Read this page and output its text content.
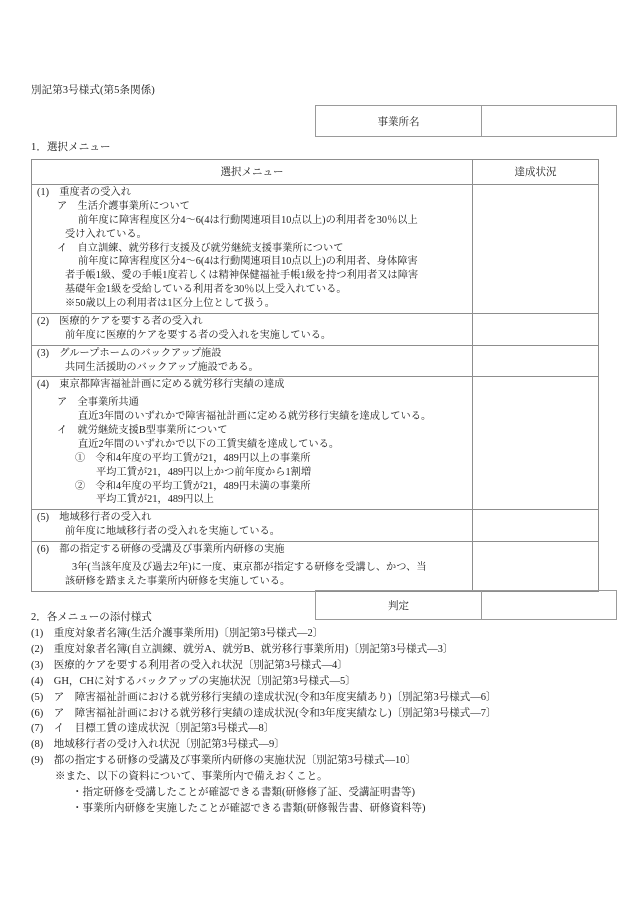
別記第3号様式(第5条関係)
事業所名	
1．選択メニュー
選択メニュー	達成状況

(1)　重度者の受入れ
ア　生活介護事業所について
前年度に障害程度区分4〜6(4は行動関連項目10点以上)の利用者を30％以上
受け入れている。
イ　自立訓練、就労移行支援及び就労継続支援事業所について
前年度に障害程度区分4〜6(4は行動関連項目10点以上)の利用者、身体障害
者手帳1級、愛の手帳1度若しくは精神保健福祉手帳1級を持つ利用者又は障害
基礎年金1級を受給している利用者を30％以上受入れている。
※50歳以上の利用者は1区分上位として扱う。

(2)　医療的ケアを要する者の受入れ
前年度に医療的ケアを要する者の受入れを実施している。	

(3)　グループホームのバックアップ施設
共同生活援助のバックアップ施設である。	

(4)　東京都障害福祉計画に定める就労移行実績の達成
ア　全事業所共通
直近3年間のいずれかで障害福祉計画に定める就労移行実績を達成している。
イ　就労継続支援B型事業所について
直近2年間のいずれかで以下の工賃実績を達成している。
①　令和4年度の平均工賃が21，489円以上の事業所
平均工賃が21，489円以上かつ前年度から1割増
②　令和4年度の平均工賃が21，489円未満の事業所
平均工賃が21，489円以上

(5)　地域移行者の受入れ
前年度に地域移行者の受入れを実施している。	

(6)　都の指定する研修の受講及び事業所内研修の実施
3年(当該年度及び過去2年)に一度、東京都が指定する研修を受講し、かつ、当
該研修を踏まえた事業所内研修を実施している。	

判定	
2．各メニューの添付様式
(1)　重度対象者名簿(生活介護事業所用)〔別記第3号様式—2〕
(2)　重度対象者名簿(自立訓練、就労A、就労B、就労移行事業所用)〔別記第3号様式—3〕
(3)　医療的ケアを要する利用者の受入れ状況〔別記第3号様式—4〕
(4)　GH，CHに対するバックアップの実施状況〔別記第3号様式—5〕
(5)　ア　障害福祉計画における就労移行実績の達成状況(令和3年度実績あり)〔別記第3号様式—6〕
(6)　ア　障害福祉計画における就労移行実績の達成状況(令和3年度実績なし)〔別記第3号様式—7〕
(7)　イ　目標工賃の達成状況〔別記第3号様式—8〕
(8)　地域移行者の受け入れ状況〔別記第3号様式—9〕
(9)　都の指定する研修の受講及び事業所内研修の実施状況〔別記第3号様式—10〕
※また、以下の資料について、事業所内で備えおくこと。
・指定研修を受講したことが確認できる書類(研修修了証、受講証明書等)
・事業所内研修を実施したことが確認できる書類(研修報告書、研修資料等)
